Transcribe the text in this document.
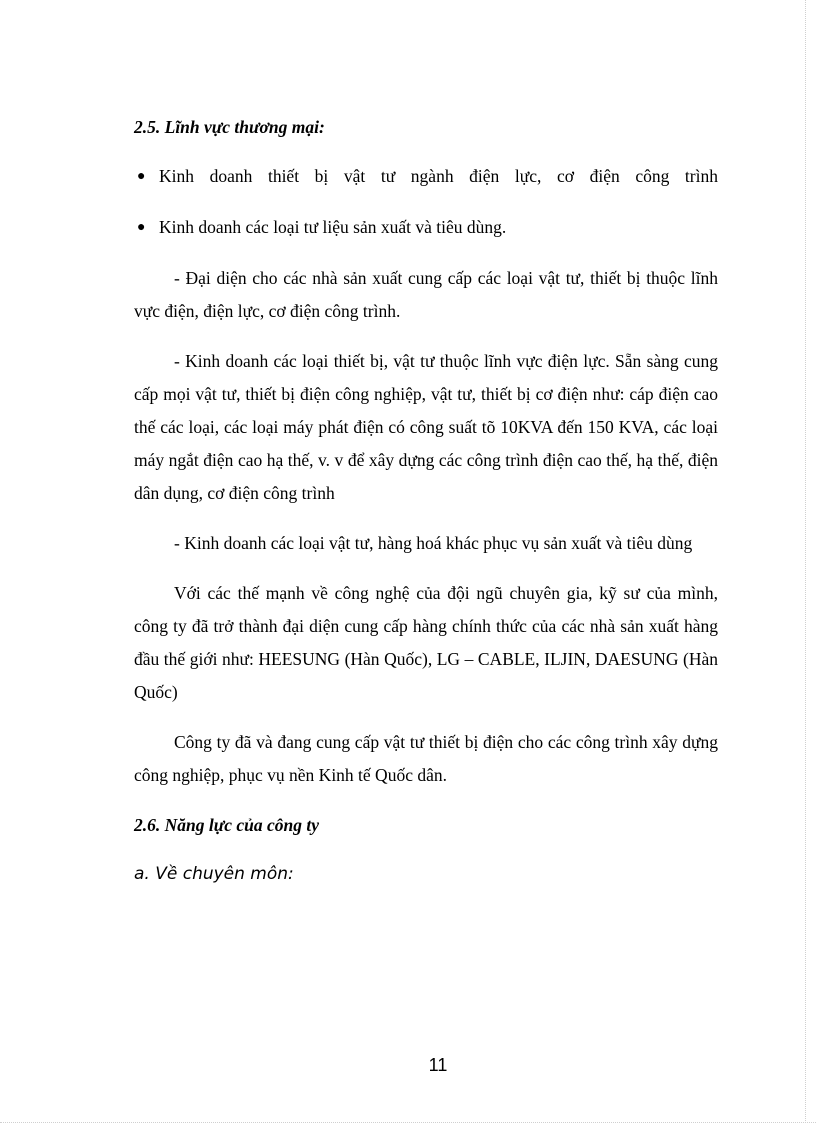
2.5. Lĩnh vực thương mại:

● Kinh doanh thiết bị vật tư ngành điện lực, cơ điện công trình
● Kinh doanh các loại tư liệu sản xuất và tiêu dùng.

- Đại diện cho các nhà sản xuất cung cấp các loại vật tư, thiết bị thuộc lĩnh vực điện, điện lực, cơ điện công trình.

- Kinh doanh các loại thiết bị, vật tư thuộc lĩnh vực điện lực. Sẵn sàng cung cấp mọi vật tư, thiết bị điện công nghiệp, vật tư, thiết bị cơ điện như: cáp điện cao thế các loại, các loại máy phát điện có công suất tõ 10KVA đến 150 KVA, các loại máy ngắt điện cao hạ thế, v. v để xây dựng các công trình điện cao thế, hạ thế, điện dân dụng, cơ điện công trình

- Kinh doanh các loại vật tư, hàng hoá khác phục vụ sản xuất và tiêu dùng

Với các thế mạnh về công nghệ của đội ngũ chuyên gia, kỹ sư của mình, công ty đã trở thành đại diện cung cấp hàng chính thức của các nhà sản xuất hàng đầu thế giới như: HEESUNG (Hàn Quốc), LG – CABLE, ILJIN, DAESUNG (Hàn Quốc)

Công ty đã và đang cung cấp vật tư thiết bị điện cho các công trình xây dựng công nghiệp, phục vụ nền Kinh tế Quốc dân.

2.6. Năng lực của công ty

a. Về chuyên môn:

11
